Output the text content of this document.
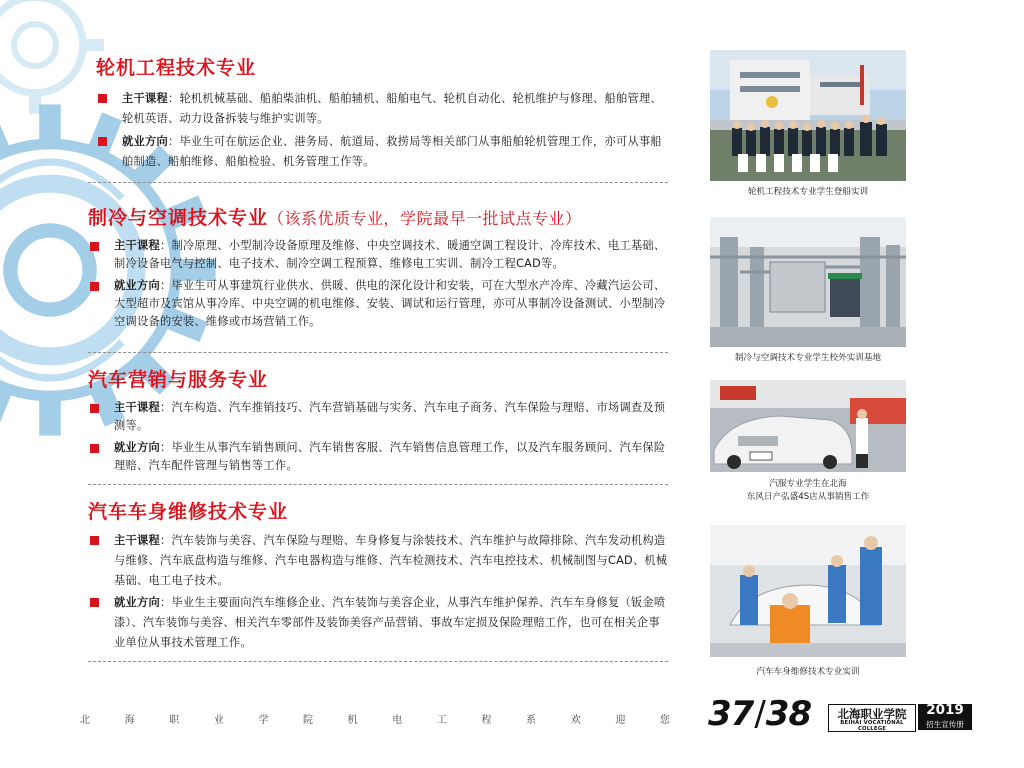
轮机工程技术专业
主干课程：轮机机械基础、船舶柴油机、船舶辅机、船舶电气、轮机自动化、轮机维护与修理、船舶管理、轮机英语、动力设备拆装与维护实训等。
就业方向：毕业生可在航运企业、港务局、航道局、救捞局等相关部门从事船舶轮机管理工作，亦可从事船舶制造、船舶维修、船舶检验、机务管理工作等。
制冷与空调技术专业（该系优质专业，学院最早一批试点专业）
主干课程：制冷原理、小型制冷设备原理及维修、中央空调技术、暖通空调工程设计、冷库技术、电工基础、制冷设备电气与控制、电子技术、制冷空调工程预算、维修电工实训、制冷工程CAD等。
就业方向：毕业生可从事建筑行业供水、供暖、供电的深化设计和安装，可在大型水产冷库、冷藏汽运公司、大型超市及宾馆从事冷库、中央空调的机电维修、安装、调试和运行管理，亦可从事制冷设备测试、小型制冷空调设备的安装、维修或市场营销工作。
汽车营销与服务专业
主干课程：汽车构造、汽车推销技巧、汽车营销基础与实务、汽车电子商务、汽车保险与理赔、市场调查及预测等。
就业方向：毕业生从事汽车销售顾问、汽车销售客服、汽车销售信息管理工作，以及汽车服务顾问、汽车保险理赔、汽车配件管理与销售等工作。
汽车车身维修技术专业
主干课程：汽车装饰与美容、汽车保险与理赔、车身修复与涂装技术、汽车维护与故障排除、汽车发动机构造与维修、汽车底盘构造与维修、汽车电器构造与维修、汽车检测技术、汽车电控技术、机械制图与CAD、机械基础、电工电子技术。
就业方向：毕业生主要面向汽车维修企业、汽车装饰与美容企业，从事汽车维护保养、汽车车身修复（钣金喷漆）、汽车装饰与美容、相关汽车零部件及装饰美容产品营销、事故车定损及保险理赔工作，也可在相关企事业单位从事技术管理工作。
轮机工程技术专业学生登船实训
制冷与空调技术专业学生校外实训基地
汽服专业学生在北海
东风日产弘盛4S店从事销售工作
汽车车身维修技术专业实训
北	海	职	业	学	院	机	电	工	程	系	欢	迎	您 37/38	北海职业学院
BEIHAI VOCATIONAL COLLEGE
2019
招生宣传册
